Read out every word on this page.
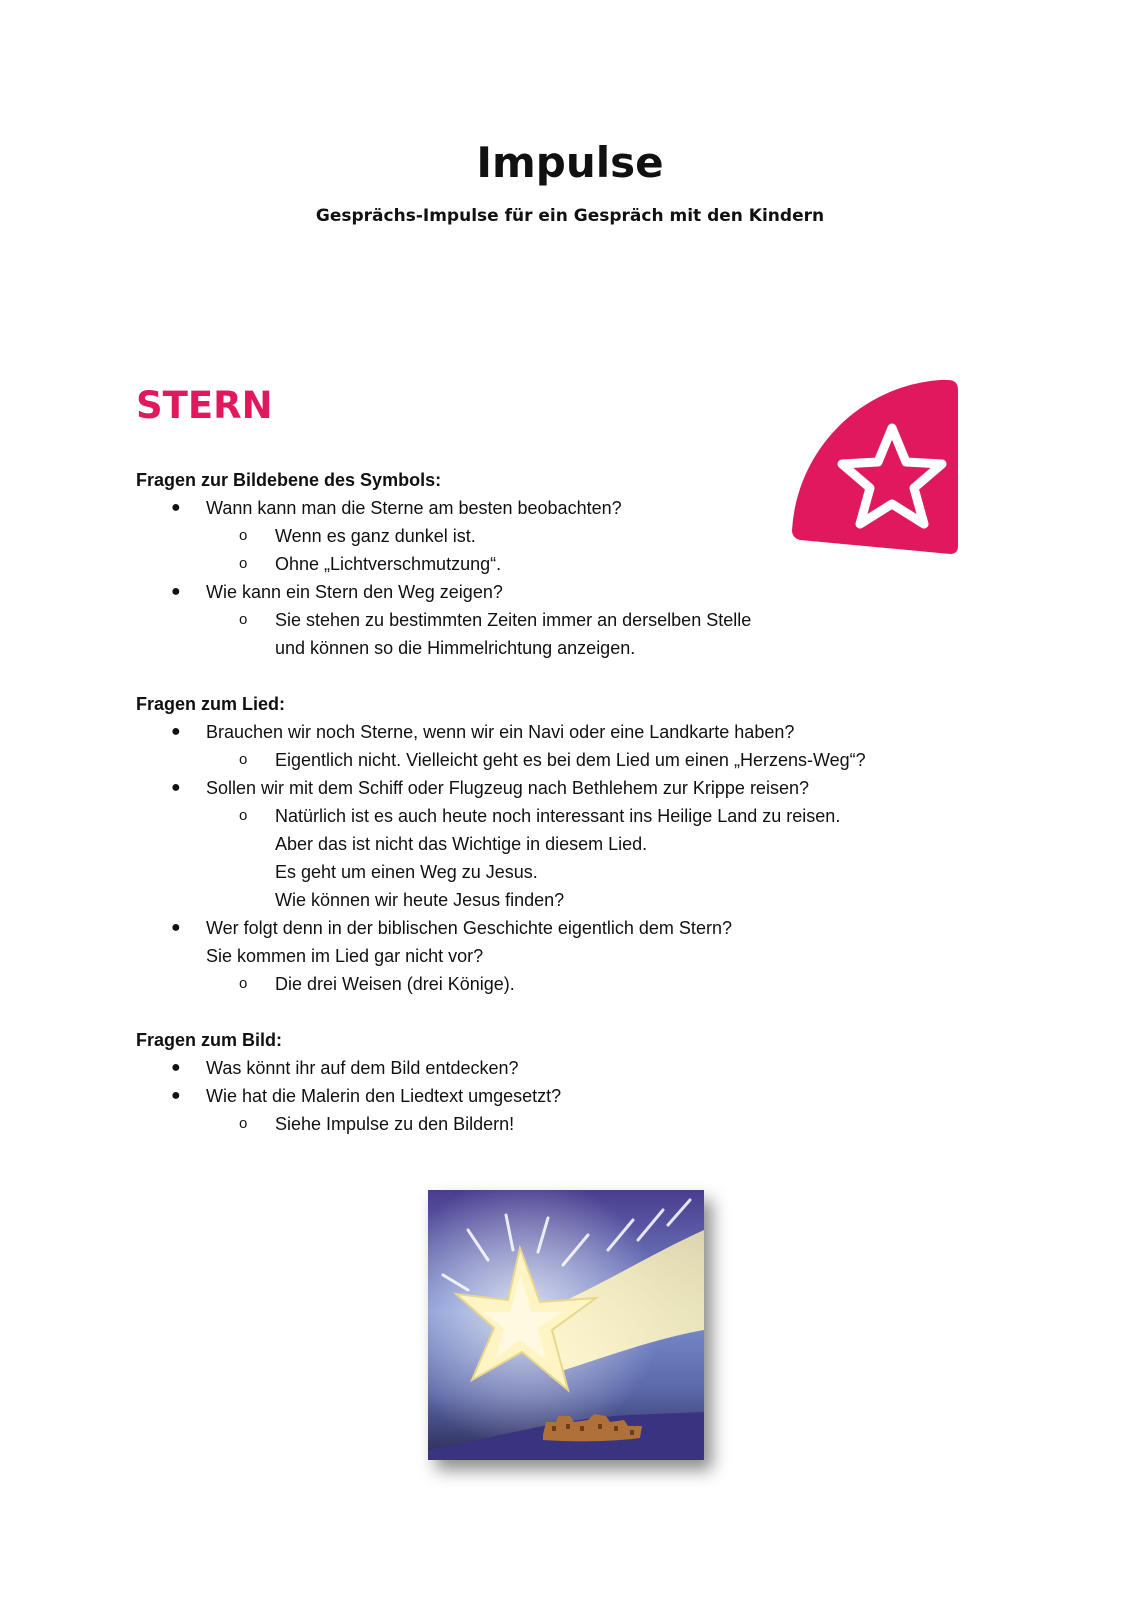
Impulse
Gesprächs-Impulse für ein Gespräch mit den Kindern
STERN
Fragen zur Bildebene des Symbols:
● Wann kann man die Sterne am besten beobachten?
o Wenn es ganz dunkel ist.
o Ohne „Lichtverschmutzung“.
● Wie kann ein Stern den Weg zeigen?
o Sie stehen zu bestimmten Zeiten immer an derselben Stelle
und können so die Himmelrichtung anzeigen.
Fragen zum Lied:
● Brauchen wir noch Sterne, wenn wir ein Navi oder eine Landkarte haben?
o Eigentlich nicht. Vielleicht geht es bei dem Lied um einen „Herzens-Weg“?
● Sollen wir mit dem Schiff oder Flugzeug nach Bethlehem zur Krippe reisen?
o Natürlich ist es auch heute noch interessant ins Heilige Land zu reisen.
Aber das ist nicht das Wichtige in diesem Lied.
Es geht um einen Weg zu Jesus.
Wie können wir heute Jesus finden?
● Wer folgt denn in der biblischen Geschichte eigentlich dem Stern?
Sie kommen im Lied gar nicht vor?
o Die drei Weisen (drei Könige).
Fragen zum Bild:
● Was könnt ihr auf dem Bild entdecken?
● Wie hat die Malerin den Liedtext umgesetzt?
o Siehe Impulse zu den Bildern!
